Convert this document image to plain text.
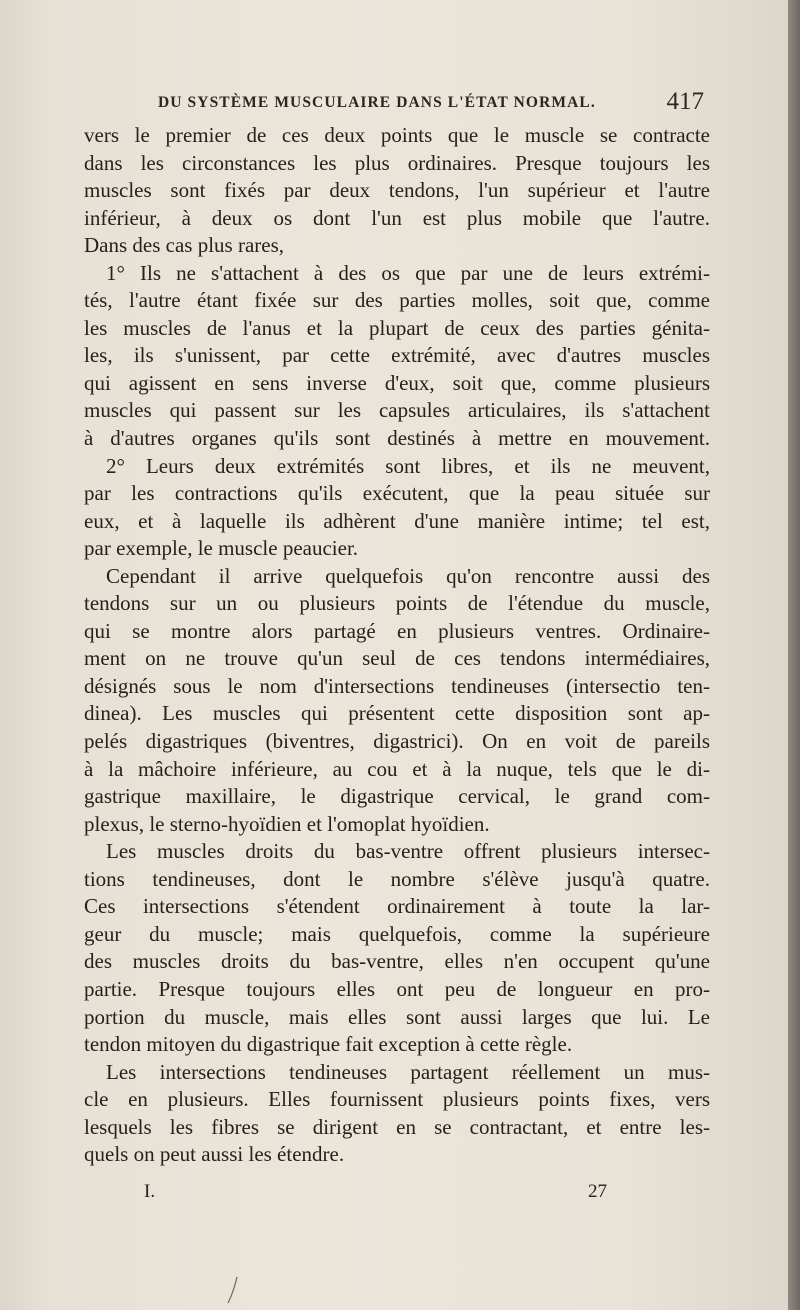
DU SYSTÈME MUSCULAIRE DANS L'ÉTAT NORMAL.	417
vers le premier de ces deux points que le muscle se contracte
dans les circonstances les plus ordinaires. Presque toujours les
muscles sont fixés par deux tendons, l'un supérieur et l'autre
inférieur, à deux os dont l'un est plus mobile que l'autre.
Dans des cas plus rares,
1° Ils ne s'attachent à des os que par une de leurs extrémi-
tés, l'autre étant fixée sur des parties molles, soit que, comme
les muscles de l'anus et la plupart de ceux des parties génita-
les, ils s'unissent, par cette extrémité, avec d'autres muscles
qui agissent en sens inverse d'eux, soit que, comme plusieurs
muscles qui passent sur les capsules articulaires, ils s'attachent
à d'autres organes qu'ils sont destinés à mettre en mouvement.
2° Leurs deux extrémités sont libres, et ils ne meuvent,
par les contractions qu'ils exécutent, que la peau située sur
eux, et à laquelle ils adhèrent d'une manière intime; tel est,
par exemple, le muscle peaucier.
Cependant il arrive quelquefois qu'on rencontre aussi des
tendons sur un ou plusieurs points de l'étendue du muscle,
qui se montre alors partagé en plusieurs ventres. Ordinaire-
ment on ne trouve qu'un seul de ces tendons intermédiaires,
désignés sous le nom d'intersections tendineuses (intersectio ten-
dinea). Les muscles qui présentent cette disposition sont ap-
pelés digastriques (biventres, digastrici). On en voit de pareils
à la mâchoire inférieure, au cou et à la nuque, tels que le di-
gastrique maxillaire, le digastrique cervical, le grand com-
plexus, le sterno-hyoïdien et l'omoplat hyoïdien.
Les muscles droits du bas-ventre offrent plusieurs intersec-
tions tendineuses, dont le nombre s'élève jusqu'à quatre.
Ces intersections s'étendent ordinairement à toute la lar-
geur du muscle; mais quelquefois, comme la supérieure
des muscles droits du bas-ventre, elles n'en occupent qu'une
partie. Presque toujours elles ont peu de longueur en pro-
portion du muscle, mais elles sont aussi larges que lui. Le
tendon mitoyen du digastrique fait exception à cette règle.
Les intersections tendineuses partagent réellement un mus-
cle en plusieurs. Elles fournissent plusieurs points fixes, vers
lesquels les fibres se dirigent en se contractant, et entre les-
quels on peut aussi les étendre.
I.	27
